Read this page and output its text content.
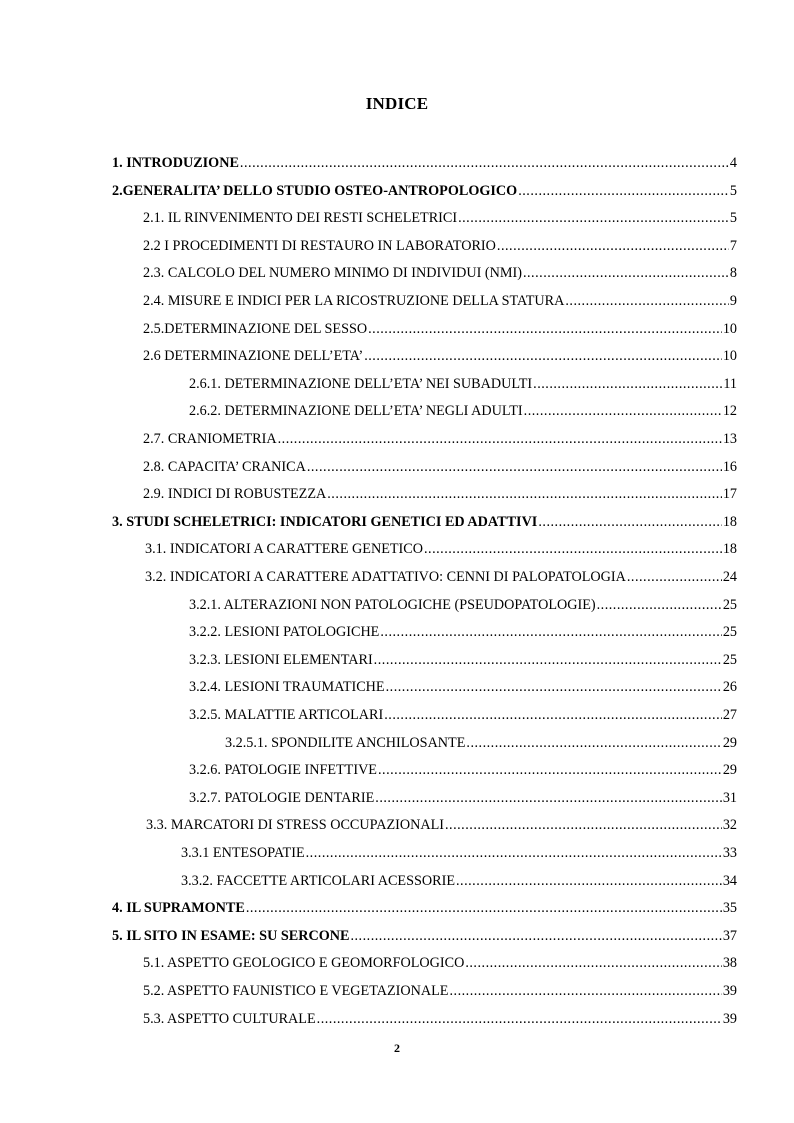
INDICE
1. INTRODUZIONE .....	4
2.GENERALITA’ DELLO STUDIO OSTEO-ANTROPOLOGICO .....	5
2.1. IL RINVENIMENTO DEI RESTI SCHELETRICI .....	5
2.2 I PROCEDIMENTI DI RESTAURO IN LABORATORIO .....	7
2.3. CALCOLO DEL NUMERO MINIMO DI INDIVIDUI (NMI) .....	8
2.4. MISURE E INDICI PER LA RICOSTRUZIONE DELLA STATURA .....	9
2.5.DETERMINAZIONE DEL SESSO .....	10
2.6 DETERMINAZIONE DELL’ETA’ .....	10
2.6.1. DETERMINAZIONE DELL’ETA’ NEI SUBADULTI .....	11
2.6.2. DETERMINAZIONE DELL’ETA’ NEGLI ADULTI .....	12
2.7. CRANIOMETRIA .....	13
2.8. CAPACITA’ CRANICA .....	16
2.9. INDICI DI ROBUSTEZZA .....	17
3. STUDI SCHELETRICI: INDICATORI GENETICI ED ADATTIVI .....	18
3.1. INDICATORI A CARATTERE GENETICO .....	18
3.2. INDICATORI A CARATTERE ADATTATIVO: CENNI DI PALOPATOLOGIA .....	24
3.2.1. ALTERAZIONI NON PATOLOGICHE (PSEUDOPATOLOGIE) .....	25
3.2.2. LESIONI PATOLOGICHE .....	25
3.2.3. LESIONI ELEMENTARI .....	25
3.2.4. LESIONI TRAUMATICHE .....	26
3.2.5. MALATTIE ARTICOLARI .....	27
3.2.5.1. SPONDILITE ANCHILOSANTE .....	29
3.2.6. PATOLOGIE INFETTIVE .....	29
3.2.7. PATOLOGIE DENTARIE .....	31
3.3. MARCATORI DI STRESS OCCUPAZIONALI .....	32
3.3.1 ENTESOPATIE .....	33
3.3.2. FACCETTE ARTICOLARI ACESSORIE .....	34
4. IL SUPRAMONTE .....	35
5. IL SITO IN ESAME: SU SERCONE .....	37
5.1. ASPETTO GEOLOGICO E GEOMORFOLOGICO .....	38
5.2. ASPETTO FAUNISTICO E VEGETAZIONALE .....	39
5.3. ASPETTO CULTURALE .....	39
2
